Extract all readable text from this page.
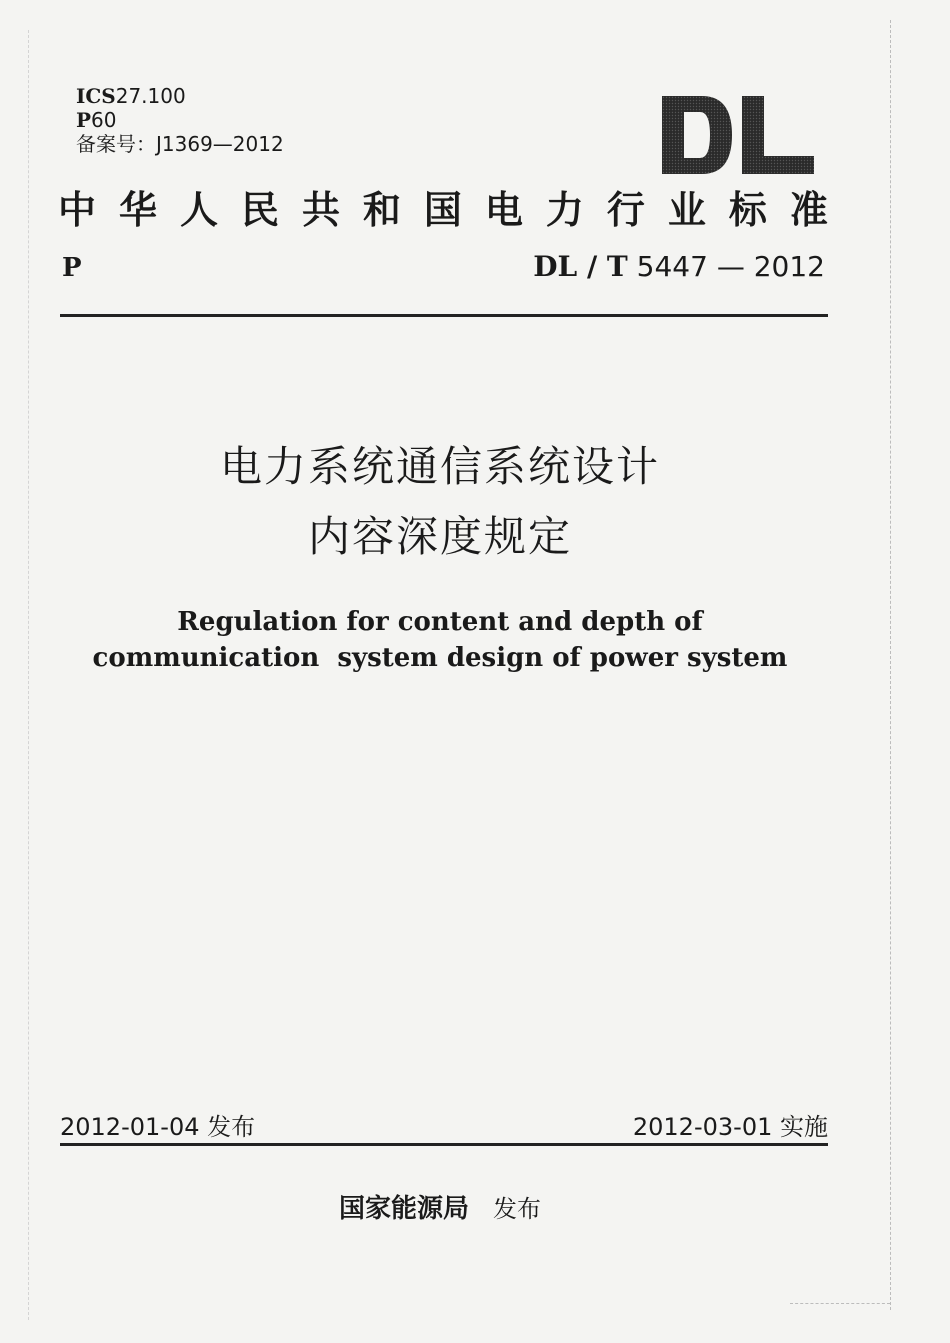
ICS27.100
P60
备案号：J1369—2012
DL
中 华 人 民 共 和 国 电 力 行 业 标 准
P	DL / T 5447 — 2012
电力系统通信系统设计
内容深度规定
Regulation for content and depth of
communication  system design of power system
2012-01-04 发布	2012-03-01 实施
国家能源局 发布
